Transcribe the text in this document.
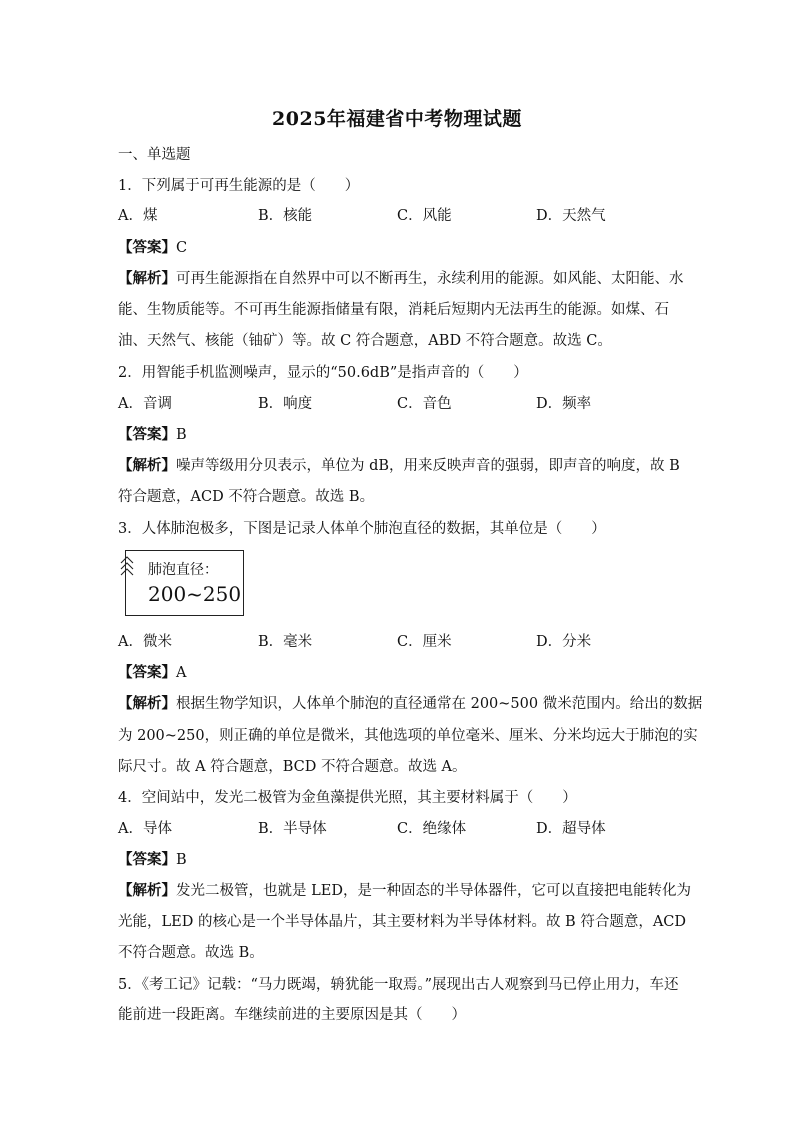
2025年福建省中考物理试题
一、单选题
1．下列属于可再生能源的是（　　）
A．煤	B．核能	C．风能	D．天然气
【答案】C
【解析】可再生能源指在自然界中可以不断再生，永续利用的能源。如风能、太阳能、水
能、生物质能等。不可再生能源指储量有限，消耗后短期内无法再生的能源。如煤、石
油、天然气、核能（铀矿）等。故 C 符合题意，ABD 不符合题意。故选 C。
2．用智能手机监测噪声，显示的“50.6dB”是指声音的（　　）
A．音调	B．响度	C．音色	D．频率
【答案】B
【解析】噪声等级用分贝表示，单位为 dB，用来反映声音的强弱，即声音的响度，故 B
符合题意，ACD 不符合题意。故选 B。
3．人体肺泡极多，下图是记录人体单个肺泡直径的数据，其单位是（　　）
肺泡直径：
200~250
A．微米	B．毫米	C．厘米	D．分米
【答案】A
【解析】根据生物学知识，人体单个肺泡的直径通常在 200~500 微米范围内。给出的数据
为 200~250，则正确的单位是微米，其他选项的单位毫米、厘米、分米均远大于肺泡的实
际尺寸。故 A 符合题意，BCD 不符合题意。故选 A。
4．空间站中，发光二极管为金鱼藻提供光照，其主要材料属于（　　）
A．导体	B．半导体	C．绝缘体	D．超导体
【答案】B
【解析】发光二极管，也就是 LED，是一种固态的半导体器件，它可以直接把电能转化为
光能，LED 的核心是一个半导体晶片，其主要材料为半导体材料。故 B 符合题意，ACD
不符合题意。故选 B。
5．《考工记》记载：“马力既竭，辀犹能一取焉。”展现出古人观察到马已停止用力，车还
能前进一段距离。车继续前进的主要原因是其（　　）
